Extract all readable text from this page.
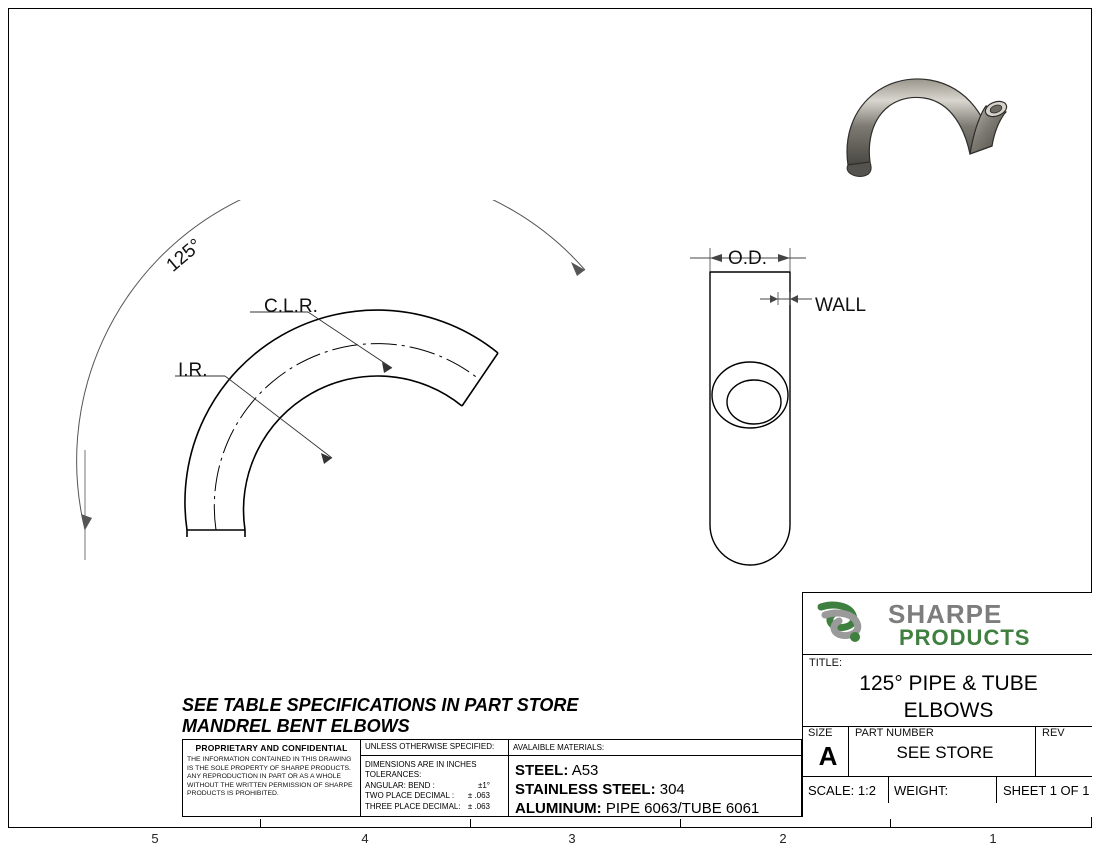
125°
C.L.R.
I.R.
O.D.
WALL
SEE TABLE SPECIFICATIONS IN PART STORE
MANDREL BENT ELBOWS
PROPRIETARY AND CONFIDENTIAL
THE INFORMATION CONTAINED IN THIS DRAWING IS THE SOLE PROPERTY OF SHARPE PRODUCTS. ANY REPRODUCTION IN PART OR AS A WHOLE WITHOUT THE WRITTEN PERMISSION OF SHARPE PRODUCTS IS PROHIBITED.
UNLESS OTHERWISE SPECIFIED:
DIMENSIONS ARE IN INCHES
TOLERANCES:
ANGULAR: BEND :	±1°
TWO PLACE DECIMAL : ± .063
THREE PLACE DECIMAL: ± .063
AVALAIBLE MATERIALS:
STEEL: A53
STAINLESS STEEL: 304
ALUMINUM: PIPE 6063/TUBE 6061
SHARPE
PRODUCTS
TITLE:
125° PIPE & TUBE
ELBOWS
SIZE
A
PART NUMBER
SEE STORE
REV
SCALE: 1:2	WEIGHT:	SHEET 1 OF 1
5	4	3	2	1
